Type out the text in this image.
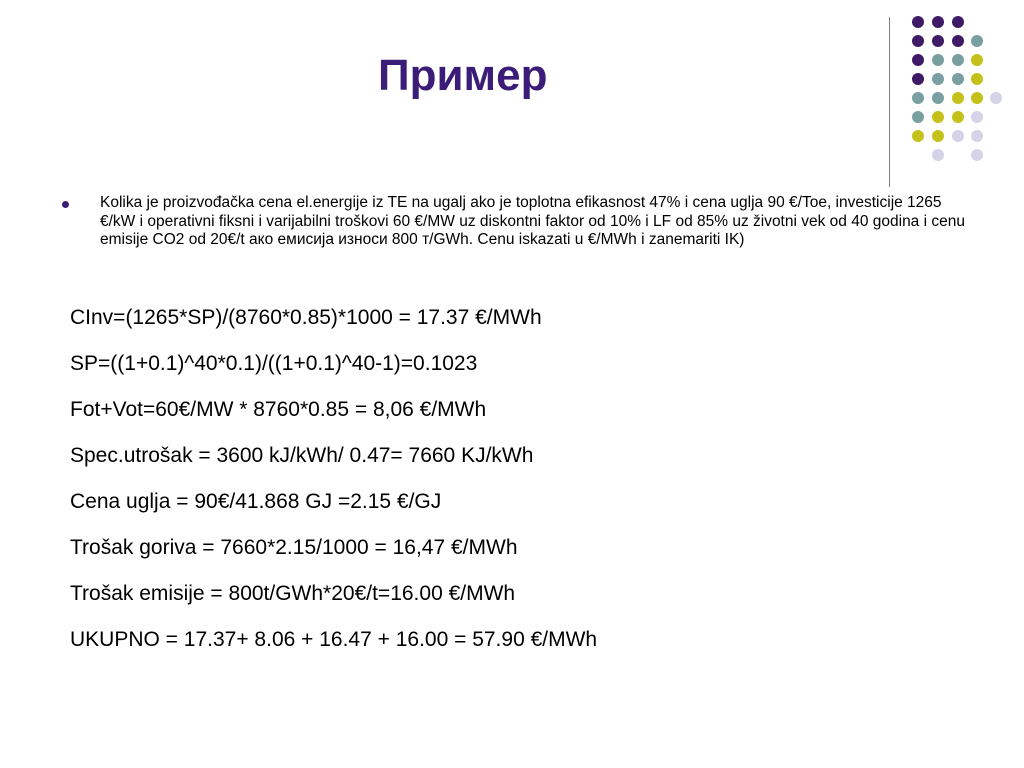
Пример

Kolika je proizvođačka cena el.energije iz TE na ugalj ako je toplotna efikasnost 47% i cena uglja 90 €/Toe, investicije 1265 €/kW i operativni fiksni i varijabilni troškovi 60 €/MW uz diskontni faktor od 10% i LF od 85% uz životni vek od 40 godina i cenu emisije CO2 od 20€/t ако емисија износи 800 т/GWh. Cenu iskazati u €/MWh i zanemariti IK)

CInv=(1265*SP)/(8760*0.85)*1000 = 17.37 €/MWh
SP=((1+0.1)^40*0.1)/((1+0.1)^40-1)=0.1023
Fot+Vot=60€/MW * 8760*0.85 = 8,06 €/MWh
Spec.utrošak = 3600 kJ/kWh/ 0.47= 7660 KJ/kWh
Cena uglja = 90€/41.868 GJ =2.15 €/GJ
Trošak goriva = 7660*2.15/1000 = 16,47 €/MWh
Trošak emisije = 800t/GWh*20€/t=16.00 €/MWh
UKUPNO = 17.37+ 8.06 + 16.47 + 16.00 = 57.90 €/MWh
